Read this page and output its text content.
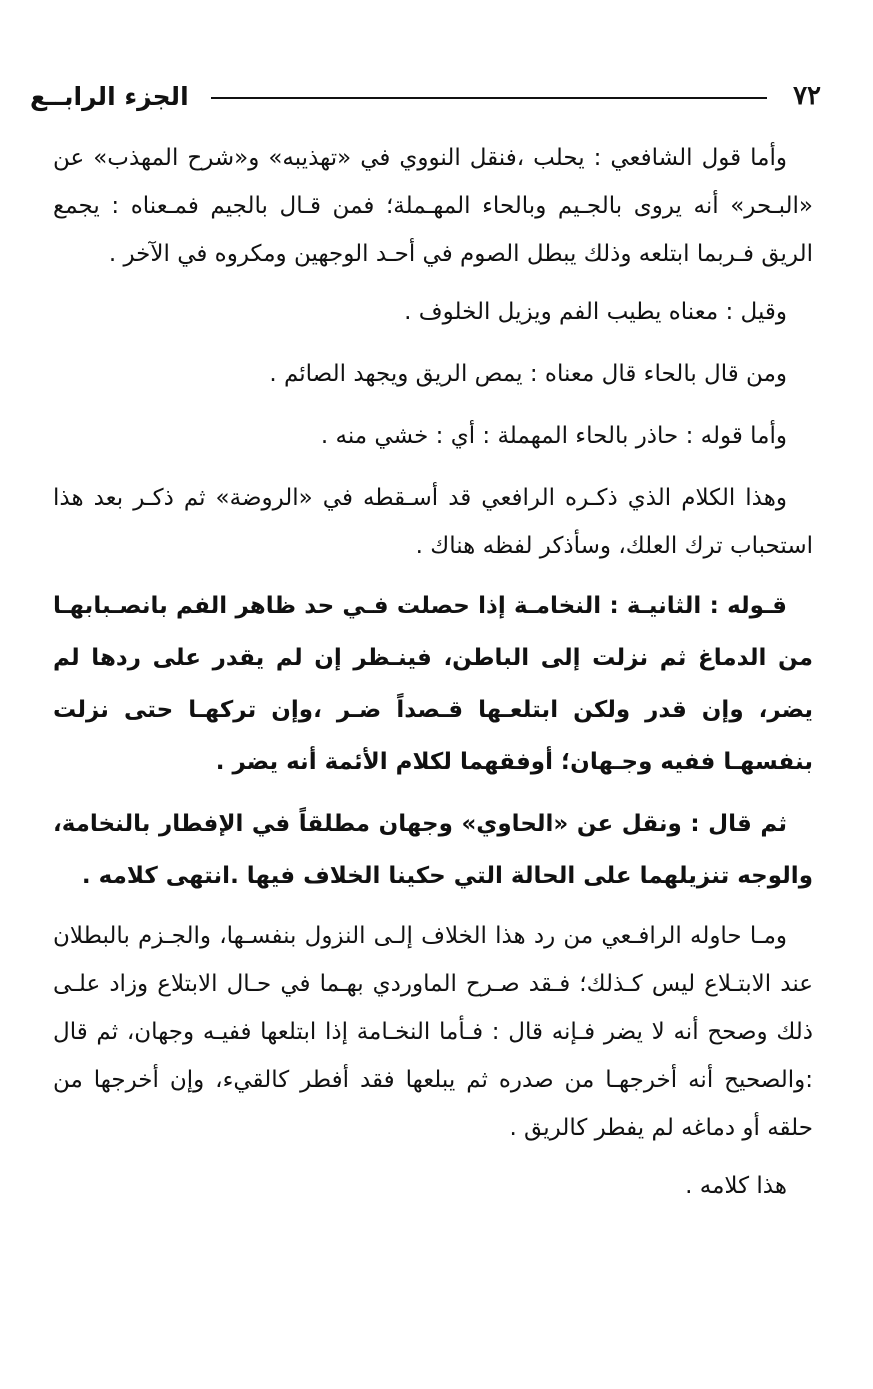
٧٢
الجزء الرابــع

وأما قول الشافعي : يحلب ،فنقل النووي في «تهذيبه» و«شرح المهذب» عن «البـحر» أنه يروى بالجـيم وبالحاء المهـملة؛ فمن قـال بالجيم فمـعناه : يجمع الريق فـربما ابتلعه وذلك يبطل الصوم في أحـد الوجهين ومكروه في الآخر .

وقيل : معناه يطيب الفم ويزيل الخلوف .

ومن قال بالحاء قال معناه : يمص الريق ويجهد الصائم .

وأما قوله : حاذر بالحاء المهملة : أي : خشي منه .

وهذا الكلام الذي ذكـره الرافعي قد أسـقطه في «الروضة» ثم ذكـر بعد هذا استحباب ترك العلك، وسأذكر لفظه هناك .

قـوله : الثانيـة : النخامـة إذا حصلت فـي حد ظاهر الفم بانصـبابهـا من الدماغ ثم نزلت إلى الباطن، فينـظر إن لم يقدر على ردها لم يضر، وإن قدر ولكن ابتلعـها قـصداً ضـر ،وإن تركهـا حتى نزلت بنفسهـا ففيه وجـهان؛ أوفقهما لكلام الأئمة أنه يضر .

ثم قال : ونقل عن «الحاوي» وجهان مطلقاً في الإفطار بالنخامة، والوجه تنزيلهما على الحالة التي حكينا الخلاف فيها .انتهى كلامه .

ومـا حاوله الرافـعي من رد هذا الخلاف إلـى النزول بنفسـها، والجـزم بالبطلان عند الابتـلاع ليس كـذلك؛ فـقد صـرح الماوردي بهـما في حـال الابتلاع وزاد علـى ذلك وصحح أنه لا يضر فـإنه قال : فـأما النخـامة إذا ابتلعها ففيـه وجهان، ثم قال :والصحيح أنه أخرجهـا من صدره ثم يبلعها فقد أفطر كالقيء، وإن أخرجها من حلقه أو دماغه لم يفطر كالريق .

هذا كلامه .
